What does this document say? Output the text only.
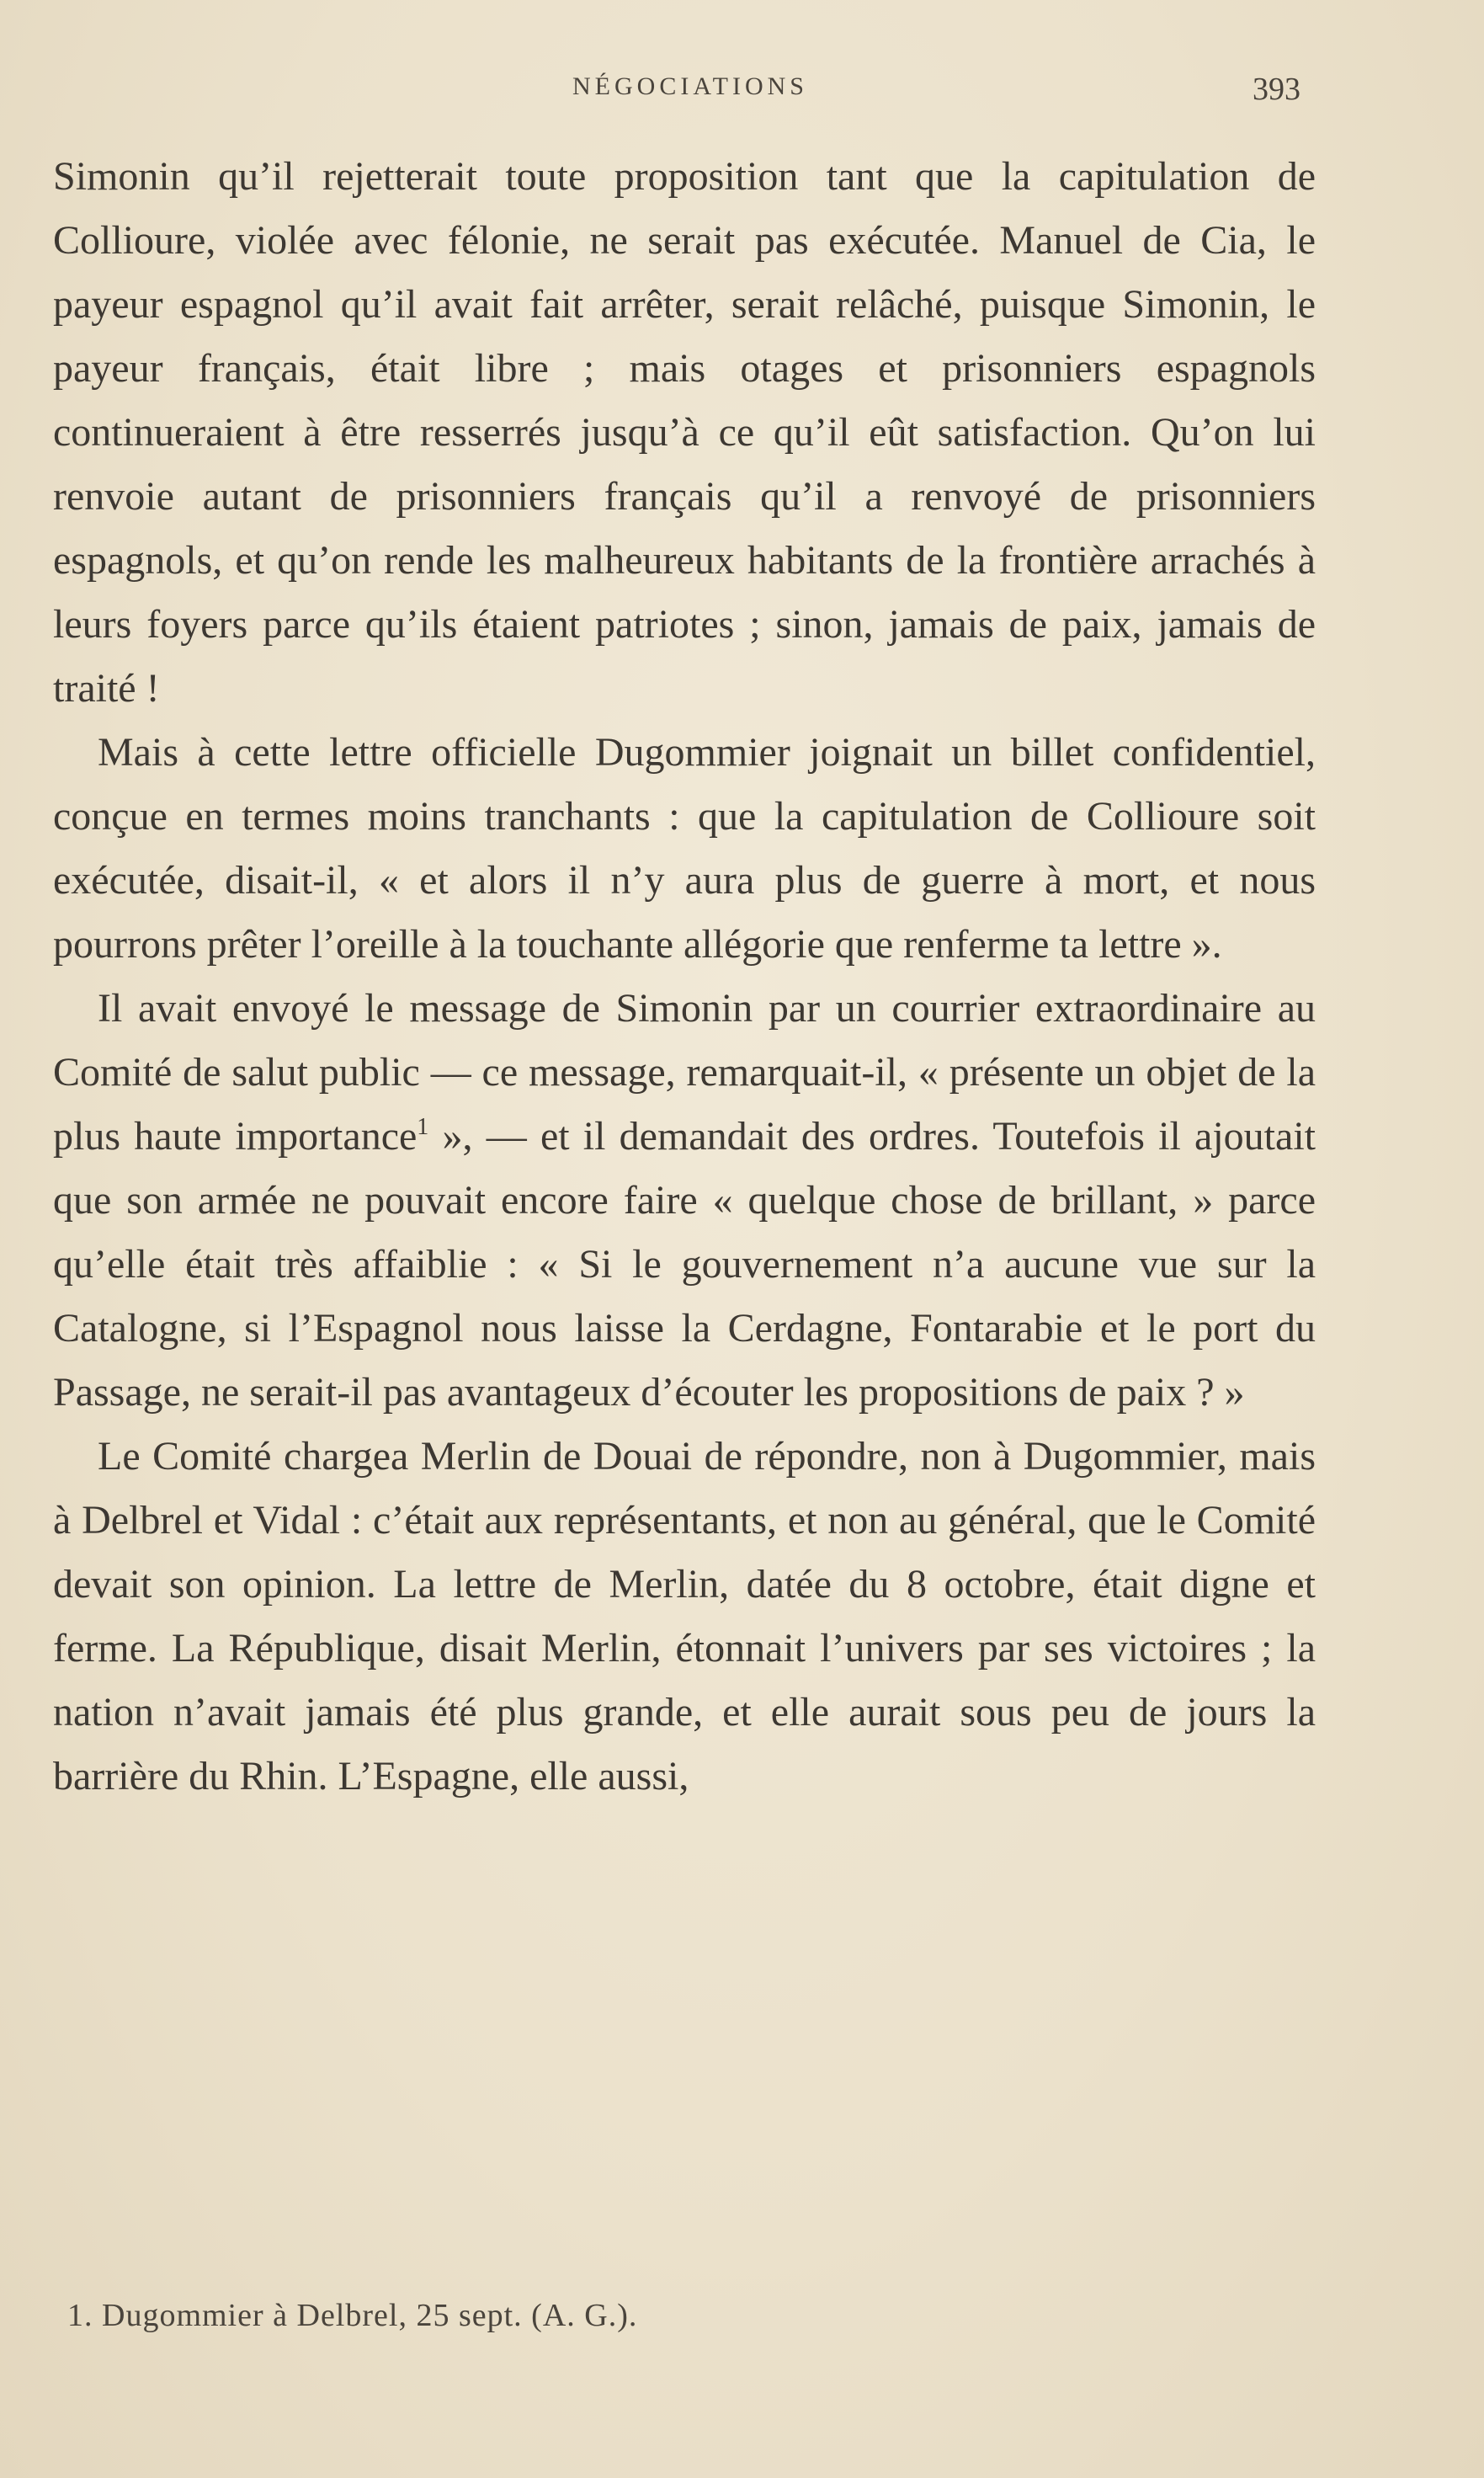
NÉGOCIATIONS	393

Simonin qu’il rejetterait toute proposition tant que la capitulation de Collioure, violée avec félonie, ne serait pas exécutée. Manuel de Cia, le payeur espagnol qu’il avait fait arrêter, serait relâché, puisque Simonin, le payeur français, était libre ; mais otages et prisonniers espagnols continueraient à être resserrés jusqu’à ce qu’il eût satisfaction. Qu’on lui renvoie autant de prisonniers français qu’il a renvoyé de prisonniers espagnols, et qu’on rende les malheureux habitants de la frontière arrachés à leurs foyers parce qu’ils étaient patriotes ; sinon, jamais de paix, jamais de traité !

Mais à cette lettre officielle Dugommier joignait un billet confidentiel, conçue en termes moins tranchants : que la capitulation de Collioure soit exécutée, disait-il, « et alors il n’y aura plus de guerre à mort, et nous pourrons prêter l’oreille à la touchante allégorie que renferme ta lettre ».

Il avait envoyé le message de Simonin par un courrier extraordinaire au Comité de salut public — ce message, remarquait-il, « présente un objet de la plus haute importance$^1$ », — et il demandait des ordres. Toutefois il ajoutait que son armée ne pouvait encore faire « quelque chose de brillant, » parce qu’elle était très affaiblie : « Si le gouvernement n’a aucune vue sur la Catalogne, si l’Espagnol nous laisse la Cerdagne, Fontarabie et le port du Passage, ne serait-il pas avantageux d’écouter les propositions de paix ? »

Le Comité chargea Merlin de Douai de répondre, non à Dugommier, mais à Delbrel et Vidal : c’était aux représentants, et non au général, que le Comité devait son opinion. La lettre de Merlin, datée du 8 octobre, était digne et ferme. La République, disait Merlin, étonnait l’univers par ses victoires ; la nation n’avait jamais été plus grande, et elle aurait sous peu de jours la barrière du Rhin. L’Espagne, elle aussi,

1. Dugommier à Delbrel, 25 sept. (A. G.).
